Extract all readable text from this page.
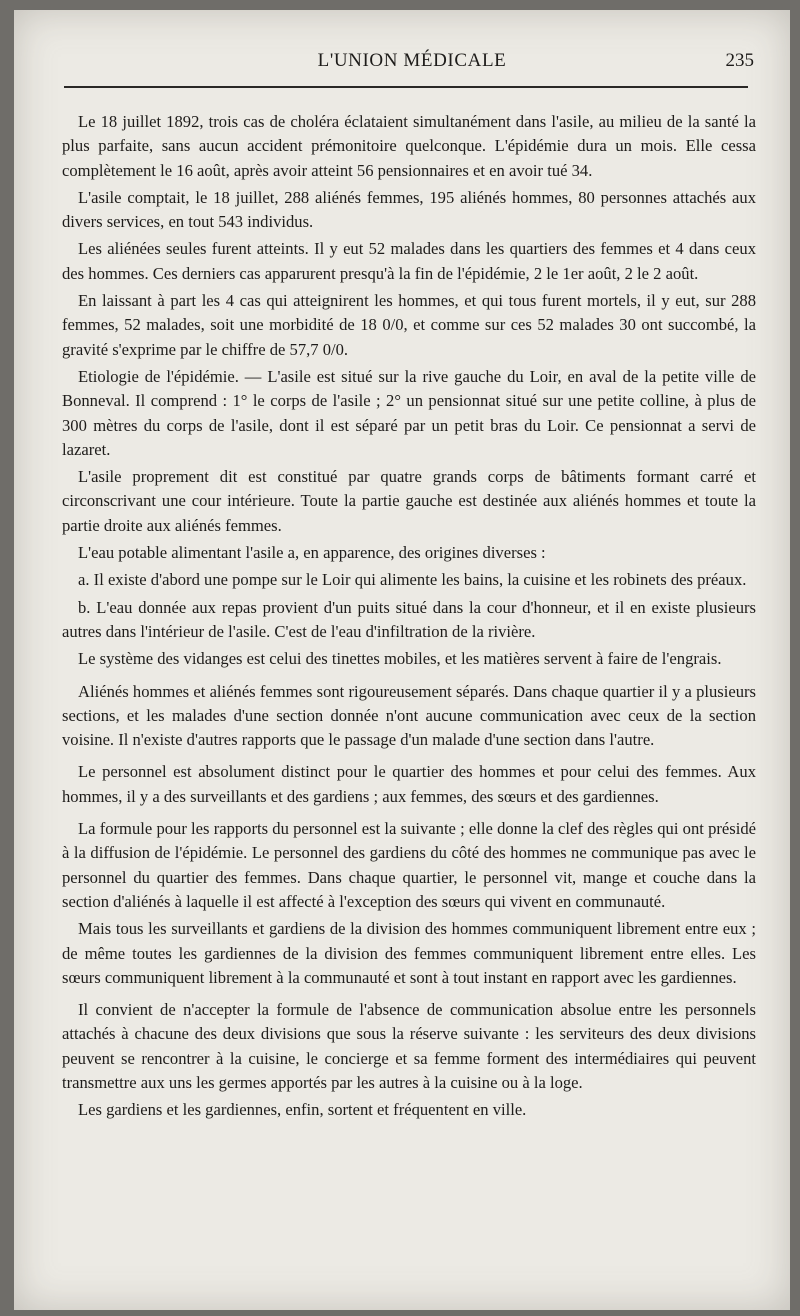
L'UNION MÉDICALE	235

Le 18 juillet 1892, trois cas de choléra éclataient simultanément dans l'asile, au milieu de la santé la plus parfaite, sans aucun accident prémonitoire quelconque. L'épidémie dura un mois. Elle cessa complètement le 16 août, après avoir atteint 56 pensionnaires et en avoir tué 34.

L'asile comptait, le 18 juillet, 288 aliénés femmes, 195 aliénés hommes, 80 personnes attachés aux divers services, en tout 543 individus.

Les aliénées seules furent atteints. Il y eut 52 malades dans les quartiers des femmes et 4 dans ceux des hommes. Ces derniers cas apparurent presqu'à la fin de l'épidémie, 2 le 1er août, 2 le 2 août.

En laissant à part les 4 cas qui atteignirent les hommes, et qui tous furent mortels, il y eut, sur 288 femmes, 52 malades, soit une morbidité de 18 0/0, et comme sur ces 52 malades 30 ont succombé, la gravité s'exprime par le chiffre de 57,7 0/0.

Etiologie de l'épidémie. — L'asile est situé sur la rive gauche du Loir, en aval de la petite ville de Bonneval. Il comprend : 1° le corps de l'asile ; 2° un pensionnat situé sur une petite colline, à plus de 300 mètres du corps de l'asile, dont il est séparé par un petit bras du Loir. Ce pensionnat a servi de lazaret.

L'asile proprement dit est constitué par quatre grands corps de bâtiments formant carré et circonscrivant une cour intérieure. Toute la partie gauche est destinée aux aliénés hommes et toute la partie droite aux aliénés femmes.

L'eau potable alimentant l'asile a, en apparence, des origines diverses :

a. Il existe d'abord une pompe sur le Loir qui alimente les bains, la cuisine et les robinets des préaux.

b. L'eau donnée aux repas provient d'un puits situé dans la cour d'honneur, et il en existe plusieurs autres dans l'intérieur de l'asile. C'est de l'eau d'infiltration de la rivière.

Le système des vidanges est celui des tinettes mobiles, et les matières servent à faire de l'engrais.

Aliénés hommes et aliénés femmes sont rigoureusement séparés. Dans chaque quartier il y a plusieurs sections, et les malades d'une section donnée n'ont aucune communication avec ceux de la section voisine. Il n'existe d'autres rapports que le passage d'un malade d'une section dans l'autre.

Le personnel est absolument distinct pour le quartier des hommes et pour celui des femmes. Aux hommes, il y a des surveillants et des gardiens ; aux femmes, des sœurs et des gardiennes.

La formule pour les rapports du personnel est la suivante ; elle donne la clef des règles qui ont présidé à la diffusion de l'épidémie. Le personnel des gardiens du côté des hommes ne communique pas avec le personnel du quartier des femmes. Dans chaque quartier, le personnel vit, mange et couche dans la section d'aliénés à laquelle il est affecté à l'exception des sœurs qui vivent en communauté.

Mais tous les surveillants et gardiens de la division des hommes communiquent librement entre eux ; de même toutes les gardiennes de la division des femmes communiquent librement entre elles. Les sœurs communiquent librement à la communauté et sont à tout instant en rapport avec les gardiennes.

Il convient de n'accepter la formule de l'absence de communication absolue entre les personnels attachés à chacune des deux divisions que sous la réserve suivante : les serviteurs des deux divisions peuvent se rencontrer à la cuisine, le concierge et sa femme forment des intermédiaires qui peuvent transmettre aux uns les germes apportés par les autres à la cuisine ou à la loge.

Les gardiens et les gardiennes, enfin, sortent et fréquentent en ville.
